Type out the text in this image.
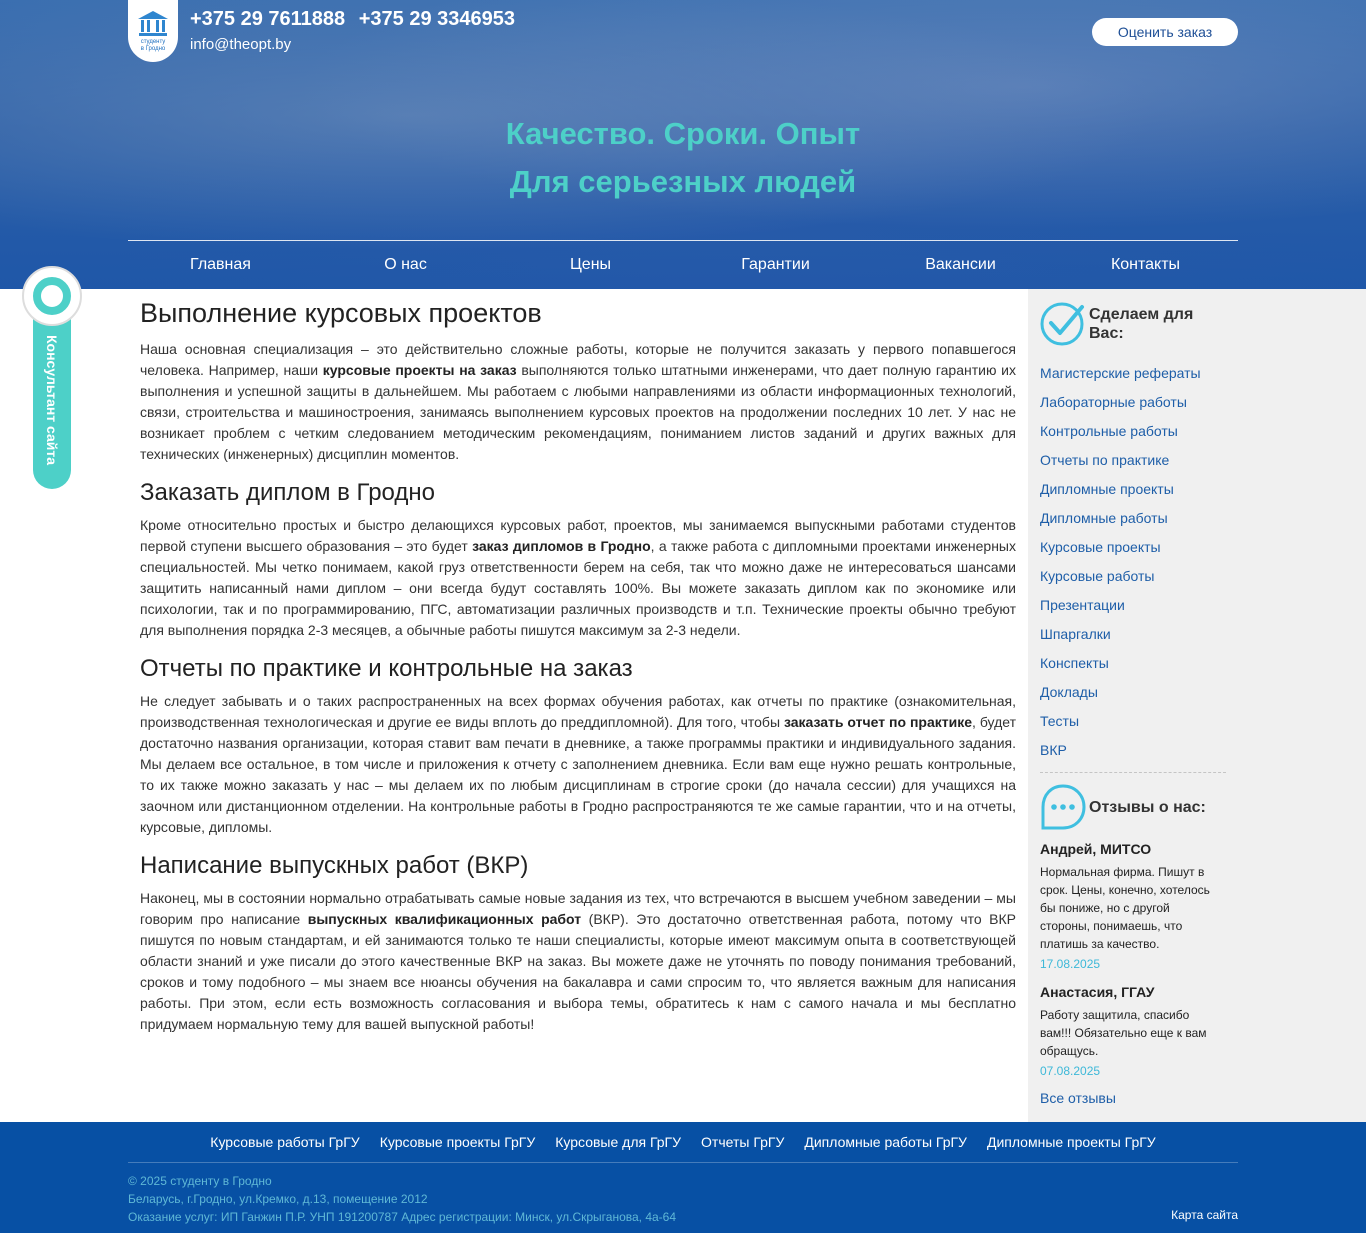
студенту
в Гродно
+375 29 7611888 +375 29 3346953
info@theopt.by
Оценить заказ
Качество. Сроки. Опыт
Для серьезных людей
Главная	О нас	Цены	Гарантии	Вакансии	Контакты
Консультант сайта
Выполнение курсовых проектов

Наша основная специализация – это действительно сложные работы, которые не получится заказать у первого попавшегося человека. Например, наши курсовые проекты на заказ выполняются только штатными инженерами, что дает полную гарантию их выполнения и успешной защиты в дальнейшем. Мы работаем с любыми направлениями из области информационных технологий, связи, строительства и машиностроения, занимаясь выполнением курсовых проектов на продолжении последних 10 лет. У нас не возникает проблем с четким следованием методическим рекомендациям, пониманием листов заданий и других важных для технических (инженерных) дисциплин моментов.

Заказать диплом в Гродно

Кроме относительно простых и быстро делающихся курсовых работ, проектов, мы занимаемся выпускными работами студентов первой ступени высшего образования – это будет заказ дипломов в Гродно, а также работа с дипломными проектами инженерных специальностей. Мы четко понимаем, какой груз ответственности берем на себя, так что можно даже не интересоваться шансами защитить написанный нами диплом – они всегда будут составлять 100%. Вы можете заказать диплом как по экономике или психологии, так и по программированию, ПГС, автоматизации различных производств и т.п. Технические проекты обычно требуют для выполнения порядка 2-3 месяцев, а обычные работы пишутся максимум за 2-3 недели.

Отчеты по практике и контрольные на заказ

Не следует забывать и о таких распространенных на всех формах обучения работах, как отчеты по практике (ознакомительная, производственная технологическая и другие ее виды вплоть до преддипломной). Для того, чтобы заказать отчет по практике, будет достаточно названия организации, которая ставит вам печати в дневнике, а также программы практики и индивидуального задания. Мы делаем все остальное, в том числе и приложения к отчету с заполнением дневника. Если вам еще нужно решать контрольные, то их также можно заказать у нас – мы делаем их по любым дисциплинам в строгие сроки (до начала сессии) для учащихся на заочном или дистанционном отделении. На контрольные работы в Гродно распространяются те же самые гарантии, что и на отчеты, курсовые, дипломы.

Написание выпускных работ (ВКР)

Наконец, мы в состоянии нормально отрабатывать самые новые задания из тех, что встречаются в высшем учебном заведении – мы говорим про написание выпускных квалификационных работ (ВКР). Это достаточно ответственная работа, потому что ВКР пишутся по новым стандартам, и ей занимаются только те наши специалисты, которые имеют максимум опыта в соответствующей области знаний и уже писали до этого качественные ВКР на заказ. Вы можете даже не уточнять по поводу понимания требований, сроков и тому подобного – мы знаем все нюансы обучения на бакалавра и сами спросим то, что является важным для написания работы. При этом, если есть возможность согласования и выбора темы, обратитесь к нам с самого начала и мы бесплатно придумаем нормальную тему для вашей выпускной работы!

Сделаем для
Вас:
Магистерские рефераты
Лабораторные работы
Контрольные работы
Отчеты по практике
Дипломные проекты
Дипломные работы
Курсовые проекты
Курсовые работы
Презентации
Шпаргалки
Конспекты
Доклады
Тесты
ВКР
Отзывы о нас:
Андрей, МИТСО
Нормальная фирма. Пишут в срок. Цены, конечно, хотелось бы пониже, но с другой стороны, понимаешь, что платишь за качество.
17.08.2025
Анастасия, ГГАУ
Работу защитила, спасибо вам!!! Обязательно еще к вам обращусь.
07.08.2025
Все отзывы
Курсовые работы ГрГУ Курсовые проекты ГрГУ Курсовые для ГрГУ Отчеты ГрГУ Дипломные работы ГрГУ Дипломные проекты ГрГУ
© 2025 студенту в Гродно
Беларусь, г.Гродно, ул.Кремко, д.13, помещение 2012
Оказание услуг: ИП Ганжин П.Р. УНП 191200787 Адрес регистрации: Минск, ул.Скрыганова, 4а-64	Карта сайта
